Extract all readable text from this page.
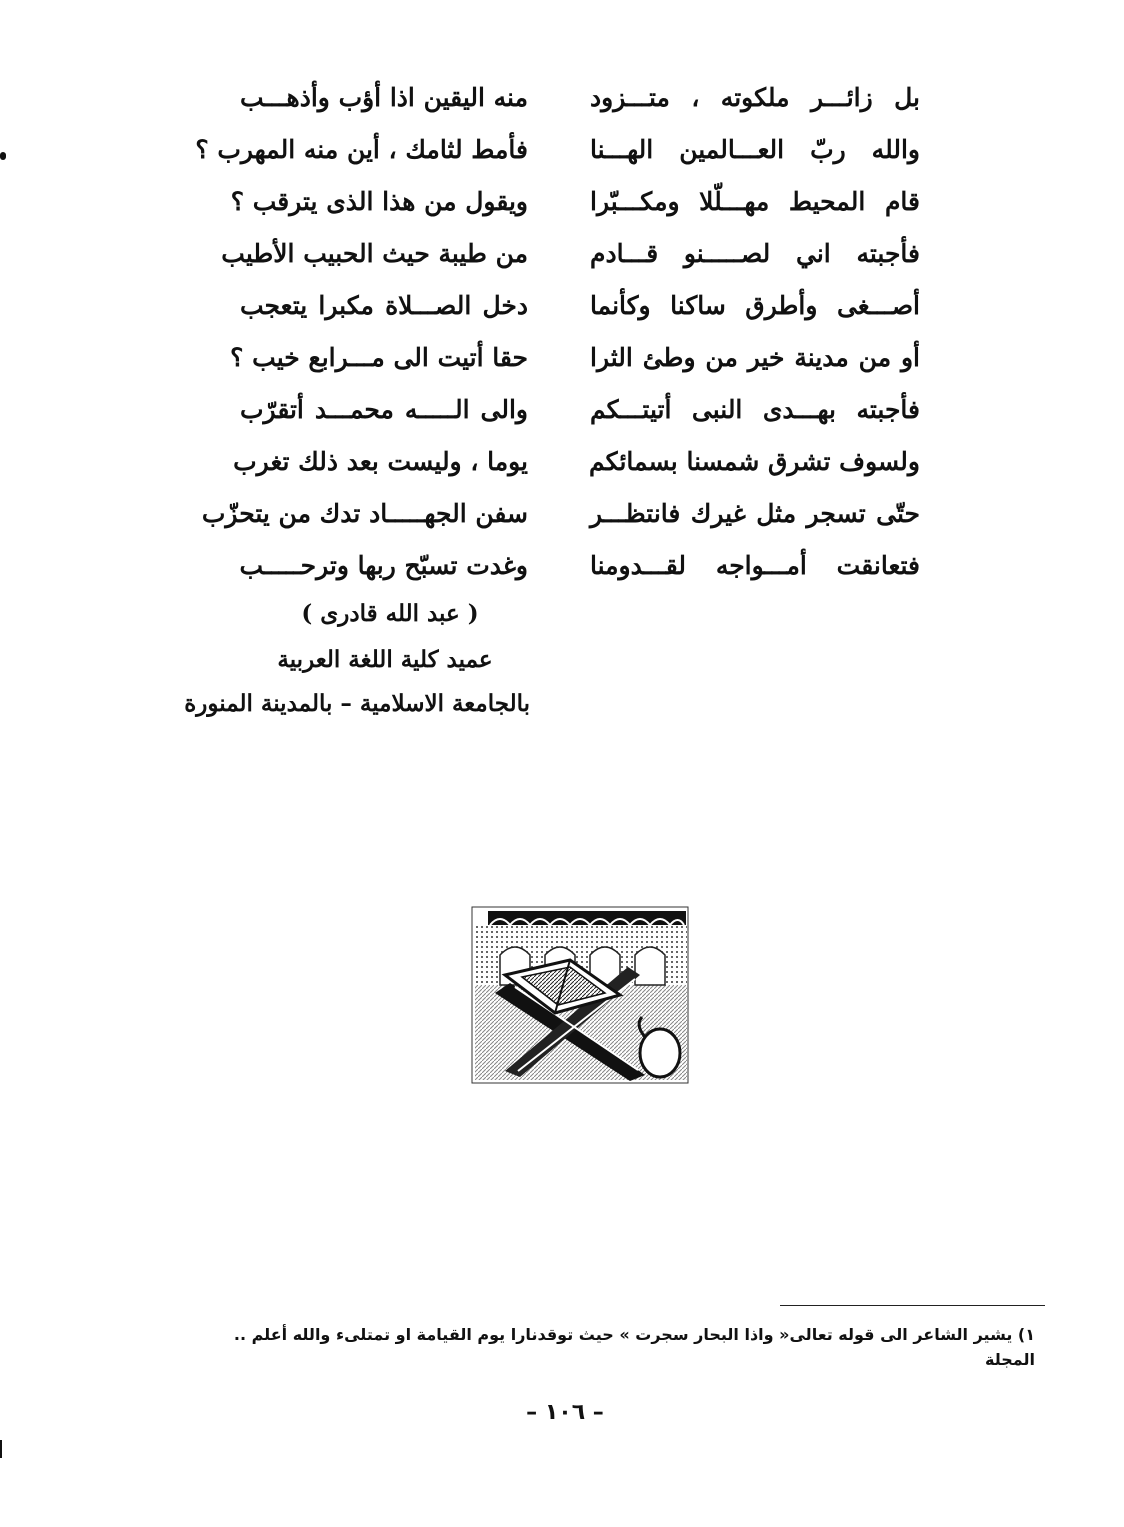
بل زائـــر ملكوته ، متـــزود
والله ربّ العـــالمين الهـــنا
قام المحيط مهـــلّلا ومكـــبّرا
فأجبته اني لصـــــنو قـــادم
أصـــغى وأطرق ساكنا وكأنما
أو من مدينة خير من وطئ الثرا
فأجبته بهـــدى النبى أتيتـــكم
ولسوف تشرق شمسنا بسمائكم
حتّى تسجر مثل غيرك فانتظـــر
فتعانقت أمـــواجه لقـــدومنا
منه اليقين اذا أؤب وأذهـــب
فأمط لثامك ، أين منه المهرب ؟
ويقول من هذا الذى يترقب ؟
من طيبة حيث الحبيب الأطيب
دخل الصـــلاة مكبرا يتعجب
حقا أتيت الى مـــرابع خيب ؟
والى الـــــه محمـــد أتقرّب
يوما ، وليست بعد ذلك تغرب
سفن الجهـــــاد تدك من يتحزّب
وغدت تسبّح ربها وترحـــــب
( عبد الله قادرى )
عميد كلية اللغة العربية
بالجامعة الاسلامية – بالمدينة المنورة
١) يشير الشاعر الى قوله تعالى« واذا البحار سجرت » حيث توقدنارا يوم القيامة او تمتلىء والله أعلم ..
المجلة
– ١٠٦ –
